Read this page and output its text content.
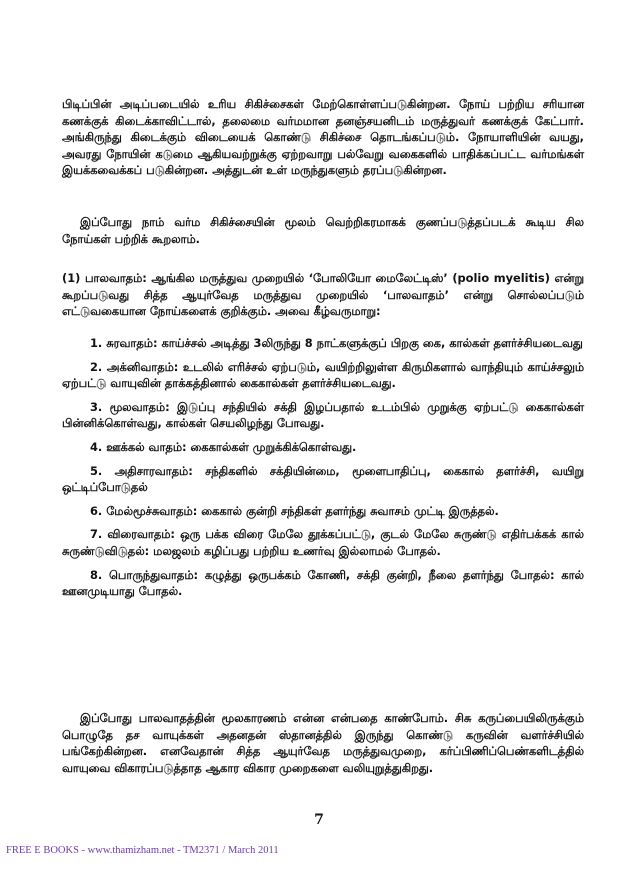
பிடிப்பின் அடிப்படையில் உரிய சிகிச்சைகள் மேற்கொள்ளப்படுகின்றன. நோய் பற்றிய சரியான கணக்குக் கிடைக்காவிட்டால், தலைமை வர்மமான தனஞ்சயனிடம் மருத்துவர் கணக்குக் கேட்பார். அங்கிருந்து கிடைக்கும் விடையைக் கொண்டு சிகிச்சை தொடங்கப்படும். நோயாளியின் வயது, அவரது நோயின் கடுமை ஆகியவற்றுக்கு ஏற்றவாறு பல்வேறு வகைகளில் பாதிக்கப்பட்ட வர்மங்கள் இயக்கவைக்கப் படுகின்றன. அத்துடன் உள் மருந்துகளும் தரப்படுகின்றன.
இப்போது நாம் வர்ம சிகிச்சையின் மூலம் வெற்றிகரமாகக் குணப்படுத்தப்படக் கூடிய சில நோய்கள் பற்றிக் கூறலாம்.
(1) பாலவாதம்: ஆங்கில மருத்துவ முறையில் ‘போலியோ மைலேட்டிஸ்’ (polio myelitis) என்று கூறப்படுவது சித்த ஆயுர்வேத மருத்துவ முறையில் ‘பாலவாதம்’ என்று சொல்லப்படும் எட்டுவகையான நோய்களைக் குறிக்கும். அவை கீழ்வருமாறு:
1. சுரவாதம்: காய்ச்சல் அடித்து 3லிருந்து 8 நாட்களுக்குப் பிறகு கை, கால்கள் தளர்ச்சியடைவது
2. அக்னிவாதம்: உடலில் எரிச்சல் ஏற்படும், வயிற்றிலுள்ள கிருமிகளால் வாந்தியும் காய்ச்சலும் ஏற்பட்டு வாயுவின் தாக்கத்தினால் கைகால்கள் தளர்ச்சியடைவது.
3. மூலவாதம்: இடுப்பு சந்தியில் சக்தி இழப்பதால் உடம்பில் முறுக்கு ஏற்பட்டு கைகால்கள் பின்னிக்கொள்வது, கால்கள் செயலிழந்து போவது.
4. ஊக்கல் வாதம்: கைகால்கள் முறுக்கிக்கொள்வது.
5. அதிசாரவாதம்: சந்திகளில் சக்தியின்மை, மூளைபாதிப்பு, கைகால் தளர்ச்சி, வயிறு ஒட்டிப்போடுதல்
6. மேல்மூச்சுவாதம்: கைகால் குன்றி சந்திகள் தளர்ந்து சுவாசம் முட்டி இருத்தல்.
7. விரைவாதம்: ஒரு பக்க விரை மேலே தூக்கப்பட்டு, குடல் மேலே சுருண்டு எதிர்பக்கக் கால் சுருண்டுவிடுதல்: மலஜலம் கழிப்பது பற்றிய உணர்வு இல்லாமல் போதல்.
8. பொருந்துவாதம்: கழுத்து ஒருபக்கம் கோணி, சக்தி குன்றி, நீலை தளர்ந்து போதல்: கால் ஊனமுடியாது போதல்.
இப்போது பாலவாதத்தின் மூலகாரணம் என்ன என்பதை காண்போம். சிசு கருப்பையிலிருக்கும் பொழுதே தச வாயுக்கள் அதனதன் ஸ்தானத்தில் இருந்து கொண்டு கருவின் வளர்ச்சியில் பங்கேற்கின்றன. எனவேதான் சித்த ஆயுர்வேத மருத்துவமுறை, கர்ப்பிணிப்பெண்களிடத்தில் வாயுவை விகாரப்படுத்தாத ஆகார விகார முறைகளை வலியுறுத்துகிறது.
7
FREE E BOOKS - www.thamizham.net - TM2371 / March 2011
